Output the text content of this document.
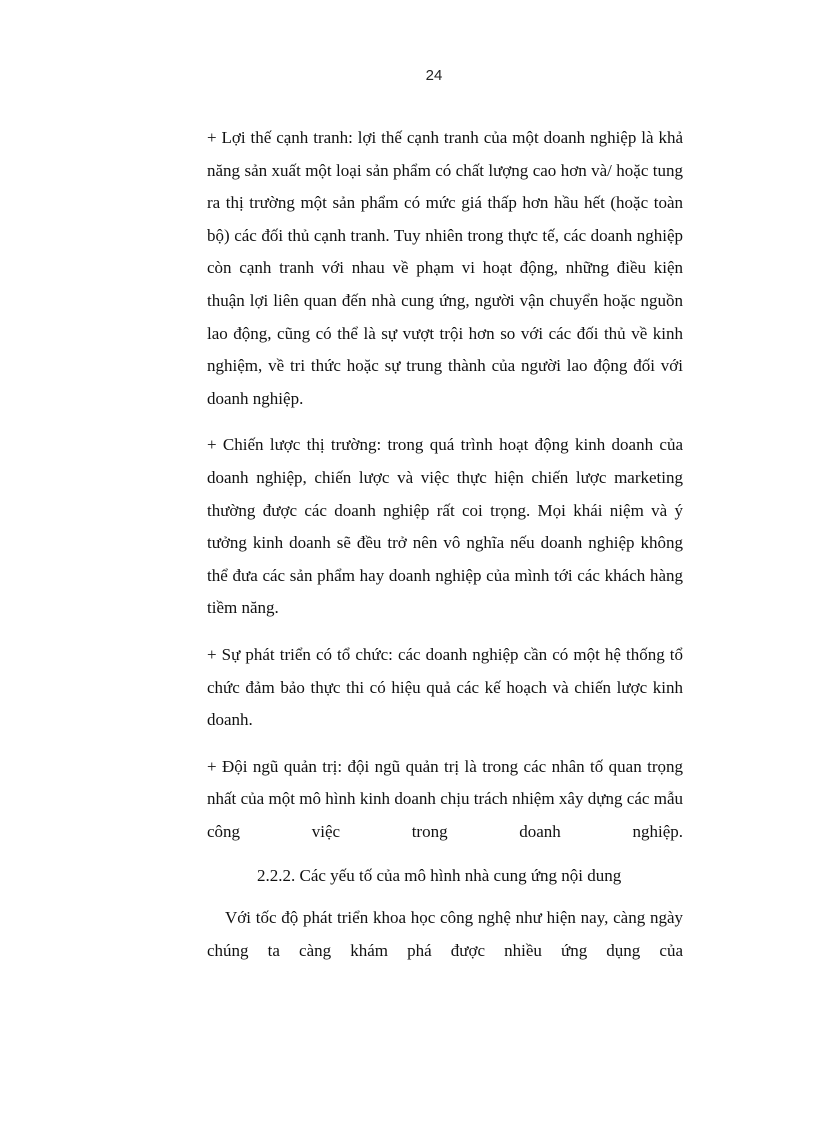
24

+ Lợi thế cạnh tranh: lợi thế cạnh tranh của một doanh nghiệp là khả năng sản xuất một loại sản phẩm có chất lượng cao hơn và/ hoặc tung ra thị trường một sản phẩm có mức giá thấp hơn hầu hết (hoặc toàn bộ) các đối thủ cạnh tranh. Tuy nhiên trong thực tế, các doanh nghiệp còn cạnh tranh với nhau về phạm vi hoạt động, những điều kiện thuận lợi liên quan đến nhà cung ứng, người vận chuyển hoặc nguồn lao động, cũng có thể là sự vượt trội hơn so với các đối thủ về kinh nghiệm, về tri thức hoặc sự trung thành của người lao động đối với doanh nghiệp.

+ Chiến lược thị trường: trong quá trình hoạt động kinh doanh của doanh nghiệp, chiến lược và việc thực hiện chiến lược marketing thường được các doanh nghiệp rất coi trọng. Mọi khái niệm và ý tưởng kinh doanh sẽ đều trở nên vô nghĩa nếu doanh nghiệp không thể đưa các sản phẩm hay doanh nghiệp của mình tới các khách hàng tiềm năng.

+ Sự phát triển có tổ chức: các doanh nghiệp cần có một hệ thống tổ chức đảm bảo thực thi có hiệu quả các kế hoạch và chiến lược kinh doanh.

+ Đội ngũ quản trị: đội ngũ quản trị là trong các nhân tố quan trọng nhất của một mô hình kinh doanh chịu trách nhiệm xây dựng các mẫu công việc trong doanh nghiệp.

2.2.2. Các yếu tố của mô hình nhà cung ứng nội dung

Với tốc độ phát triển khoa học công nghệ như hiện nay, càng ngày chúng ta càng khám phá được nhiều ứng dụng của
